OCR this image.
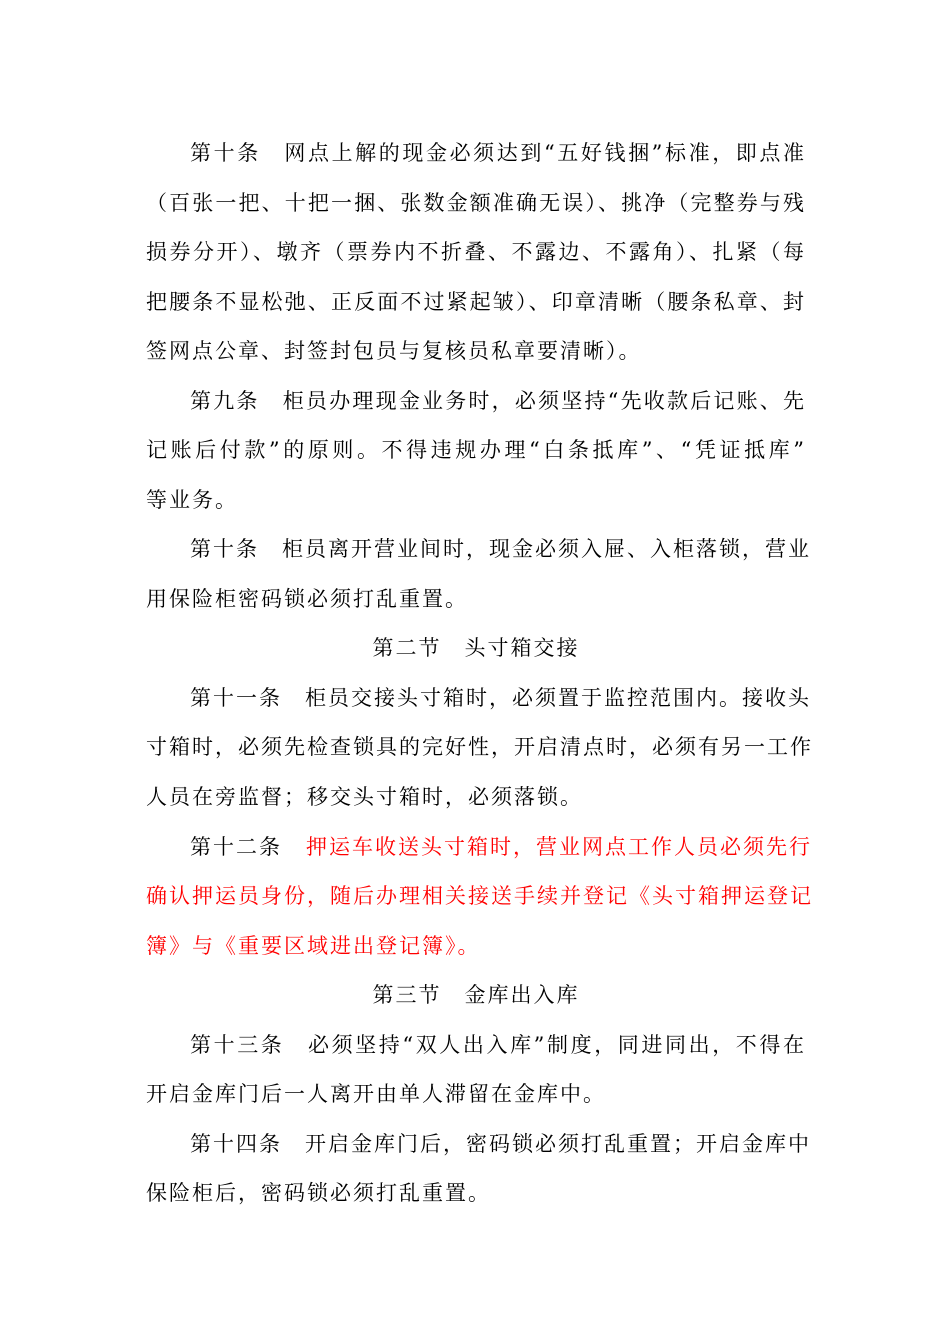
第十条　网点上解的现金必须达到“五好钱捆”标准，即点准
（百张一把、十把一捆、张数金额准确无误）、挑净（完整券与残
损券分开）、墩齐（票券内不折叠、不露边、不露角）、扎紧（每
把腰条不显松弛、正反面不过紧起皱）、印章清晰（腰条私章、封
签网点公章、封签封包员与复核员私章要清晰）。
第九条　柜员办理现金业务时，必须坚持“先收款后记账、先
记账后付款”的原则。不得违规办理“白条抵库”、“凭证抵库”
等业务。
第十条　柜员离开营业间时，现金必须入屉、入柜落锁，营业
用保险柜密码锁必须打乱重置。
第二节　头寸箱交接
第十一条　柜员交接头寸箱时，必须置于监控范围内。接收头
寸箱时，必须先检查锁具的完好性，开启清点时，必须有另一工作
人员在旁监督；移交头寸箱时，必须落锁。
第十二条 押运车收送头寸箱时，营业网点工作人员必须先行
确认押运员身份，随后办理相关接送手续并登记《头寸箱押运登记
簿》与《重要区域进出登记簿》。
第三节　金库出入库
第十三条　必须坚持“双人出入库”制度，同进同出，不得在
开启金库门后一人离开由单人滞留在金库中。
第十四条　开启金库门后，密码锁必须打乱重置；开启金库中
保险柜后，密码锁必须打乱重置。
